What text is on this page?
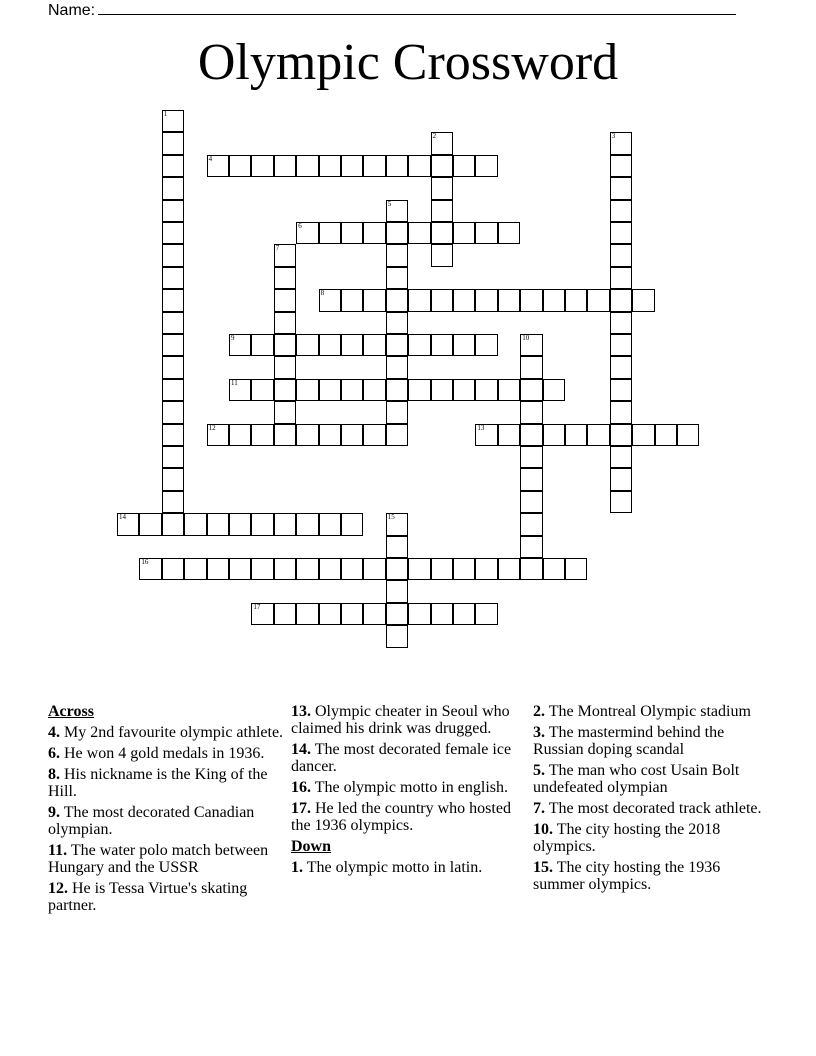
Name:
Olympic Crossword
1
2	3
4
5
6
7
8
9	10
11
12	13
14	15
16
17
Across
4. My 2nd favourite olympic athlete.
6. He won 4 gold medals in 1936.
8. His nickname is the King of the Hill.
9. The most decorated Canadian olympian.
11. The water polo match between Hungary and the USSR
12. He is Tessa Virtue's skating partner.
13. Olympic cheater in Seoul who claimed his drink was drugged.
14. The most decorated female ice dancer.
16. The olympic motto in english.
17. He led the country who hosted the 1936 olympics.
Down
1. The olympic motto in latin.
2. The Montreal Olympic stadium
3. The mastermind behind the Russian doping scandal
5. The man who cost Usain Bolt undefeated olympian
7. The most decorated track athlete.
10. The city hosting the 2018 olympics.
15. The city hosting the 1936 summer olympics.
